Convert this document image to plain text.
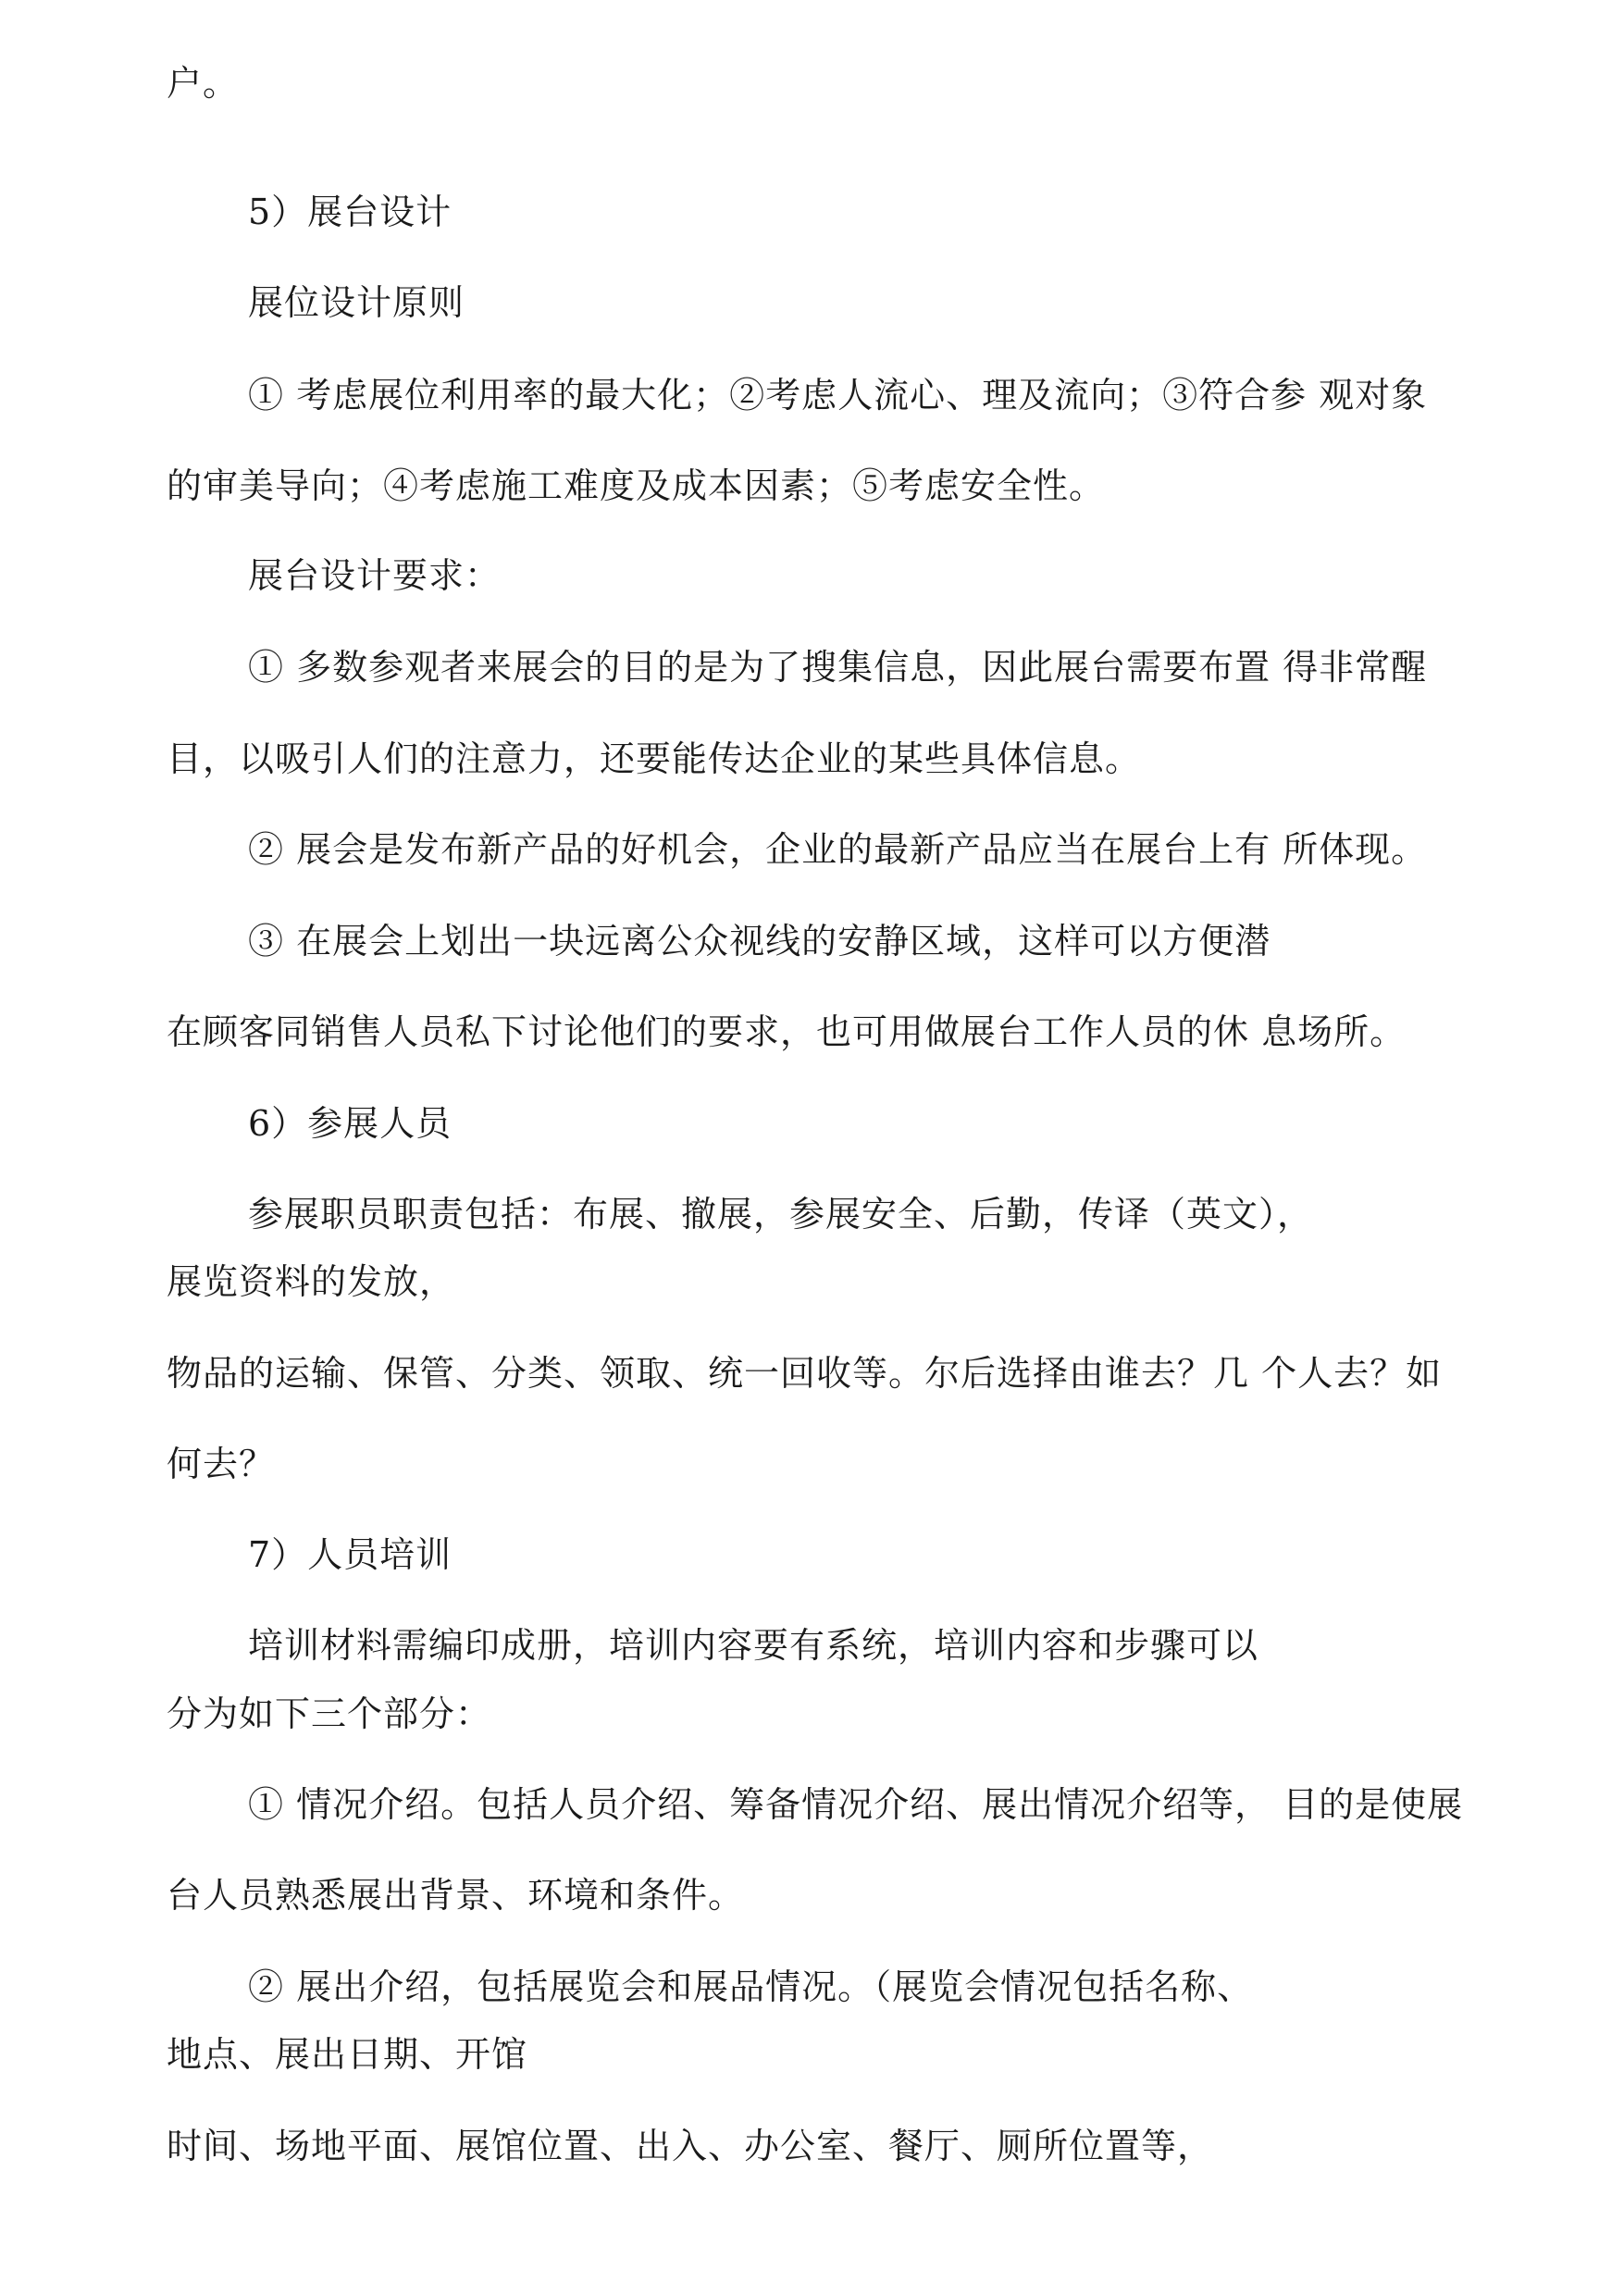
户。

5）展台设计

展位设计原则

① 考虑展位利用率的最大化；②考虑人流心、理及流向；③符合参 观对象

的审美导向；④考虑施工难度及成本因素；⑤考虑安全性。

展台设计要求：

① 多数参观者来展会的目的是为了搜集信息，因此展台需要布置 得非常醒

目，以吸引人们的注意力，还要能传达企业的某些具体信息。

② 展会是发布新产品的好机会，企业的最新产品应当在展台上有 所体现。

③ 在展会上划出一块远离公众视线的安静区域，这样可以方便潜

在顾客同销售人员私下讨论他们的要求，也可用做展台工作人员的休 息场所。

6）参展人员

参展职员职责包括：布展、撤展，参展安全、后勤，传译（英文），

展览资料的发放，

物品的运输、保管、分类、领取、统一回收等。尔后选择由谁去？几 个人去？如

何去？

7）人员培训

培训材料需编印成册，培训内容要有系统，培训内容和步骤可以

分为如下三个部分：

① 情况介绍。包括人员介绍、筹备情况介绍、展出情况介绍等， 目的是使展

台人员熟悉展出背景、环境和条件。

② 展出介绍，包括展览会和展品情况。（展览会情况包括名称、

地点、展出日期、开馆

时间、场地平面、展馆位置、出入、办公室、餐厅、厕所位置等，
